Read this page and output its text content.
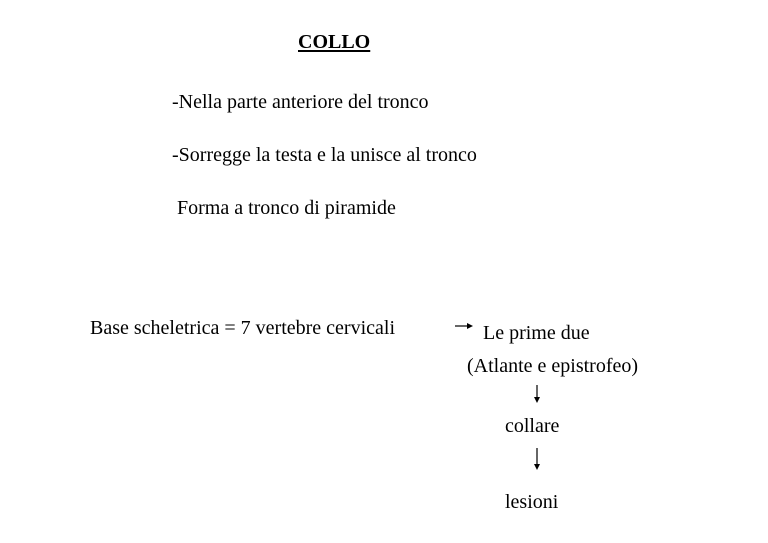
COLLO
-Nella parte anteriore del tronco
-Sorregge la testa e la unisce al tronco
Forma a tronco di piramide
Base scheletrica = 7 vertebre cervicali	Le prime due
(Atlante e epistrofeo)
collare
lesioni
